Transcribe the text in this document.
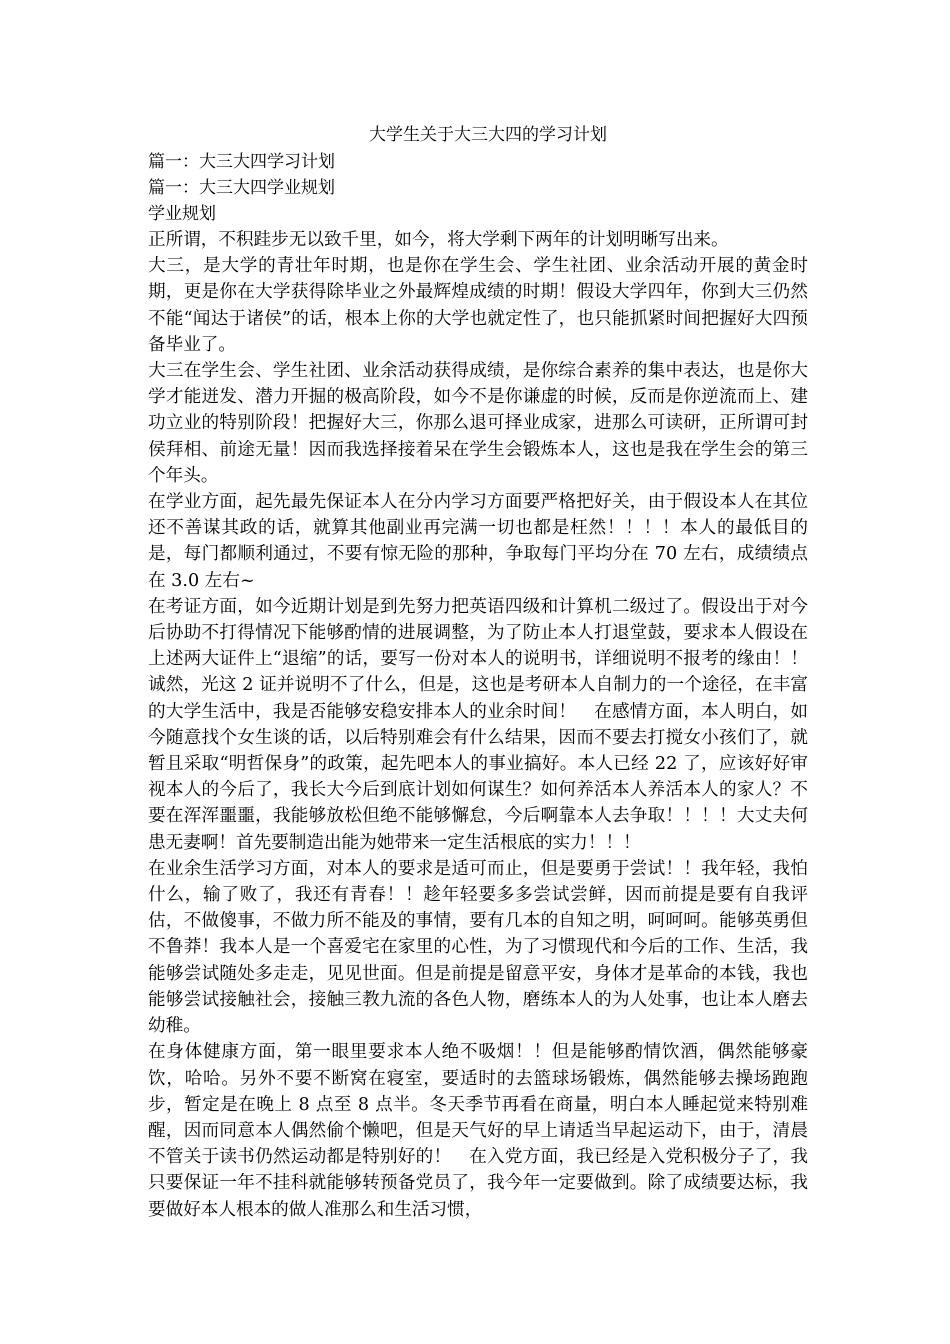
大学生关于大三大四的学习计划
篇一：大三大四学习计划
篇一：大三大四学业规划
学业规划

正所谓，不积跬步无以致千里，如今，将大学剩下两年的计划明晰写出来。

大三，是大学的青壮年时期，也是你在学生会、学生社团、业余活动开展的黄金时期，更是你在大学获得除毕业之外最辉煌成绩的时期！假设大学四年，你到大三仍然不能“闻达于诸侯”的话，根本上你的大学也就定性了，也只能抓紧时间把握好大四预备毕业了。

大三在学生会、学生社团、业余活动获得成绩，是你综合素养的集中表达，也是你大学才能迸发、潜力开掘的极高阶段，如今不是你谦虚的时候，反而是你逆流而上、建功立业的特别阶段！把握好大三，你那么退可择业成家，进那么可读研，正所谓可封侯拜相、前途无量！因而我选择接着呆在学生会锻炼本人，这也是我在学生会的第三个年头。

在学业方面，起先最先保证本人在分内学习方面要严格把好关，由于假设本人在其位还不善谋其政的话，就算其他副业再完满一切也都是枉然！！！！本人的最低目的是，每门都顺利通过，不要有惊无险的那种，争取每门平均分在 70 左右，成绩绩点在 3.0 左右~

在考证方面，如今近期计划是到先努力把英语四级和计算机二级过了。假设出于对今后协助不打得情况下能够酌情的进展调整，为了防止本人打退堂鼓，要求本人假设在上述两大证件上“退缩”的话，要写一份对本人的说明书，详细说明不报考的缘由！！诚然，光这 2 证并说明不了什么，但是，这也是考研本人自制力的一个途径，在丰富的大学生活中，我是否能够安稳安排本人的业余时间！　在感情方面，本人明白，如今随意找个女生谈的话，以后特别难会有什么结果，因而不要去打搅女小孩们了，就暂且采取“明哲保身”的政策，起先吧本人的事业搞好。本人已经 22 了，应该好好审视本人的今后了，我长大今后到底计划如何谋生？如何养活本人养活本人的家人？不要在浑浑噩噩，我能够放松但绝不能够懈怠，今后啊靠本人去争取！！！！大丈夫何患无妻啊！首先要制造出能为她带来一定生活根底的实力！！！

在业余生活学习方面，对本人的要求是适可而止，但是要勇于尝试！！我年轻，我怕什么，输了败了，我还有青春！！趁年轻要多多尝试尝鲜，因而前提是要有自我评估，不做傻事，不做力所不能及的事情，要有几本的自知之明，呵呵呵。能够英勇但不鲁莽！我本人是一个喜爱宅在家里的心性，为了习惯现代和今后的工作、生活，我能够尝试随处多走走，见见世面。但是前提是留意平安，身体才是革命的本钱，我也能够尝试接触社会，接触三教九流的各色人物，磨练本人的为人处事，也让本人磨去幼稚。

在身体健康方面，第一眼里要求本人绝不吸烟！！但是能够酌情饮酒，偶然能够豪饮，哈哈。另外不要不断窝在寝室，要适时的去篮球场锻炼，偶然能够去操场跑跑步，暂定是在晚上 8 点至 8 点半。冬天季节再看在商量，明白本人睡起觉来特别难醒，因而同意本人偶然偷个懒吧，但是天气好的早上请适当早起运动下，由于，清晨不管关于读书仍然运动都是特别好的！　在入党方面，我已经是入党积极分子了，我只要保证一年不挂科就能够转预备党员了，我今年一定要做到。除了成绩要达标，我要做好本人根本的做人准那么和生活习惯，
